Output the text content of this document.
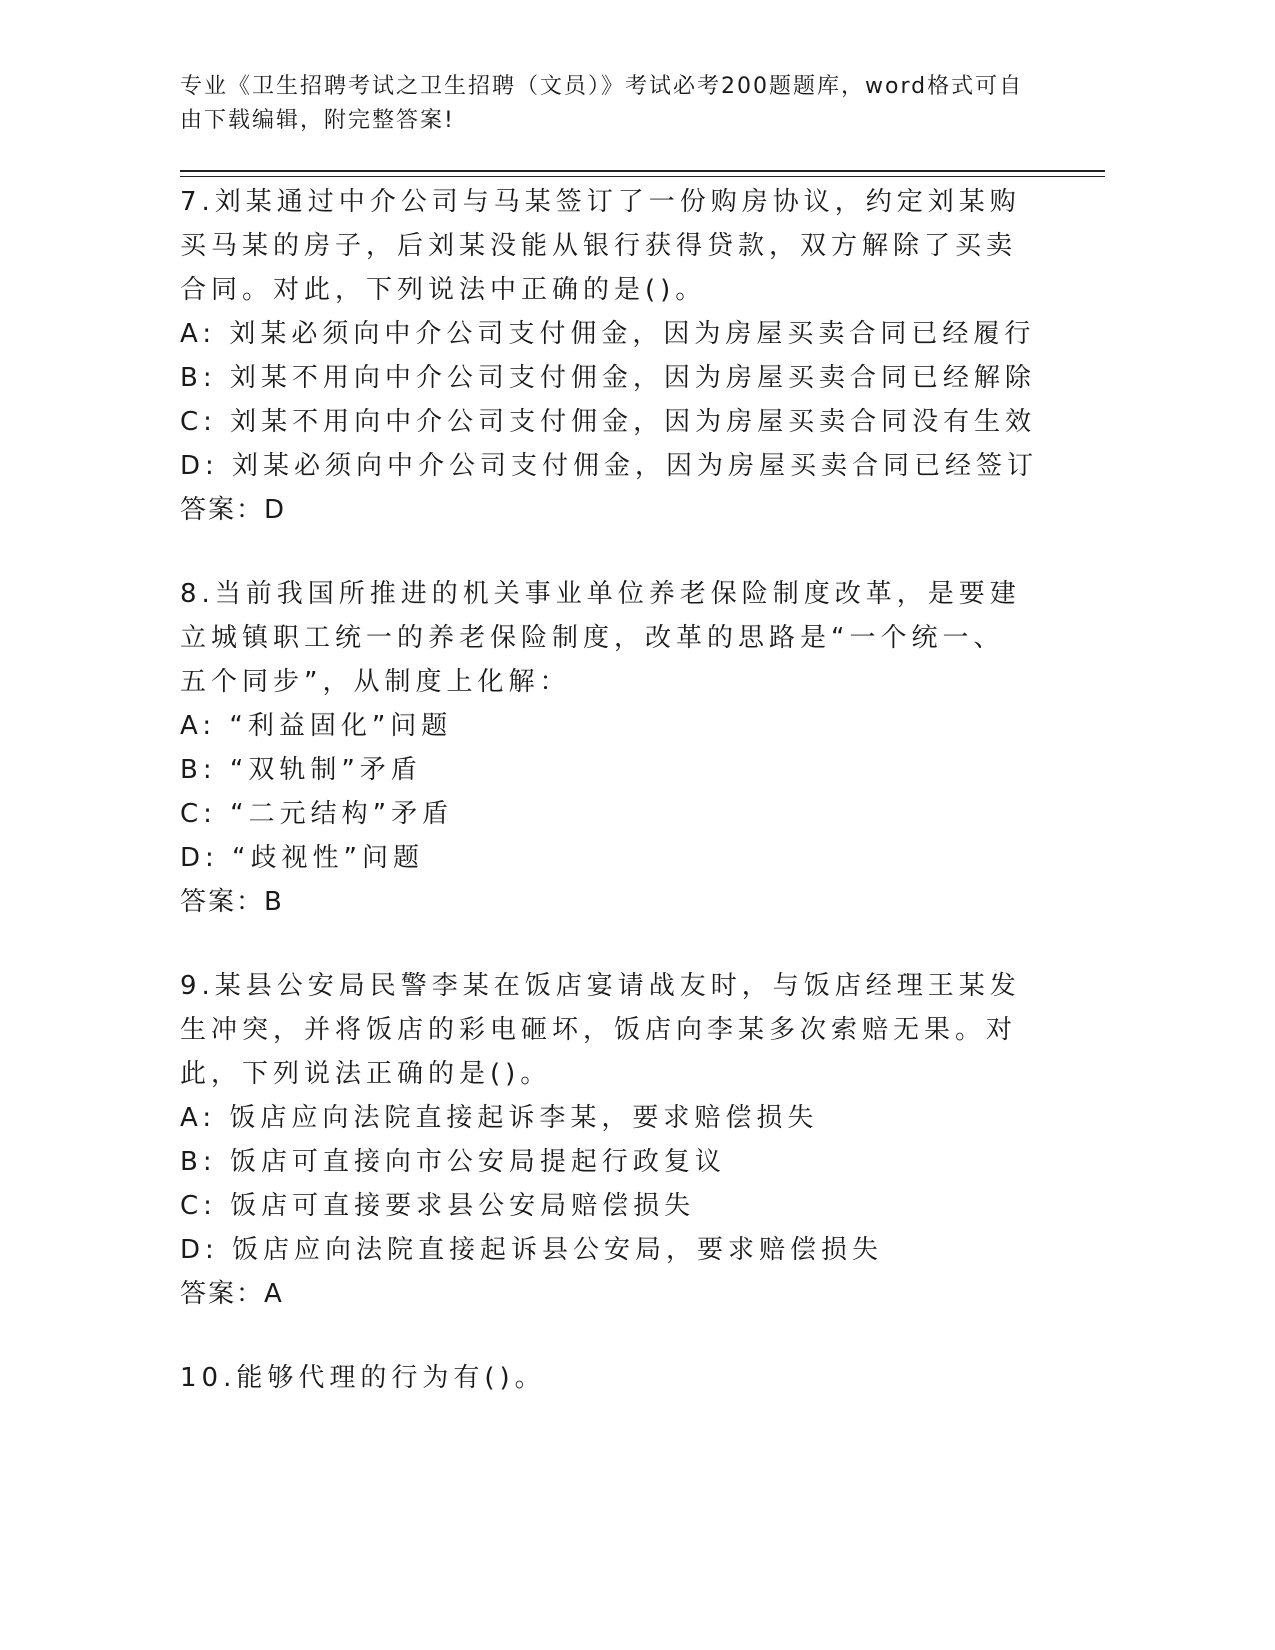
专业《卫生招聘考试之卫生招聘（文员）》考试必考200题题库，word格式可自
由下载编辑，附完整答案!

7.刘某通过中介公司与马某签订了一份购房协议，约定刘某购买马某的房子，后刘某没能从银行获得贷款，双方解除了买卖合同。对此，下列说法中正确的是()。

A: 刘某必须向中介公司支付佣金，因为房屋买卖合同已经履行

B: 刘某不用向中介公司支付佣金，因为房屋买卖合同已经解除

C: 刘某不用向中介公司支付佣金，因为房屋买卖合同没有生效

D: 刘某必须向中介公司支付佣金，因为房屋买卖合同已经签订

答案：D

8.当前我国所推进的机关事业单位养老保险制度改革，是要建立城镇职工统一的养老保险制度，改革的思路是“一个统一、五个同步”，从制度上化解：

A: “利益固化”问题

B: “双轨制”矛盾

C: “二元结构”矛盾

D: “歧视性”问题

答案：B

9.某县公安局民警李某在饭店宴请战友时，与饭店经理王某发生冲突，并将饭店的彩电砸坏，饭店向李某多次索赔无果。对此，下列说法正确的是()。

A: 饭店应向法院直接起诉李某，要求赔偿损失

B: 饭店可直接向市公安局提起行政复议

C: 饭店可直接要求县公安局赔偿损失

D: 饭店应向法院直接起诉县公安局，要求赔偿损失

答案：A

10.能够代理的行为有()。
